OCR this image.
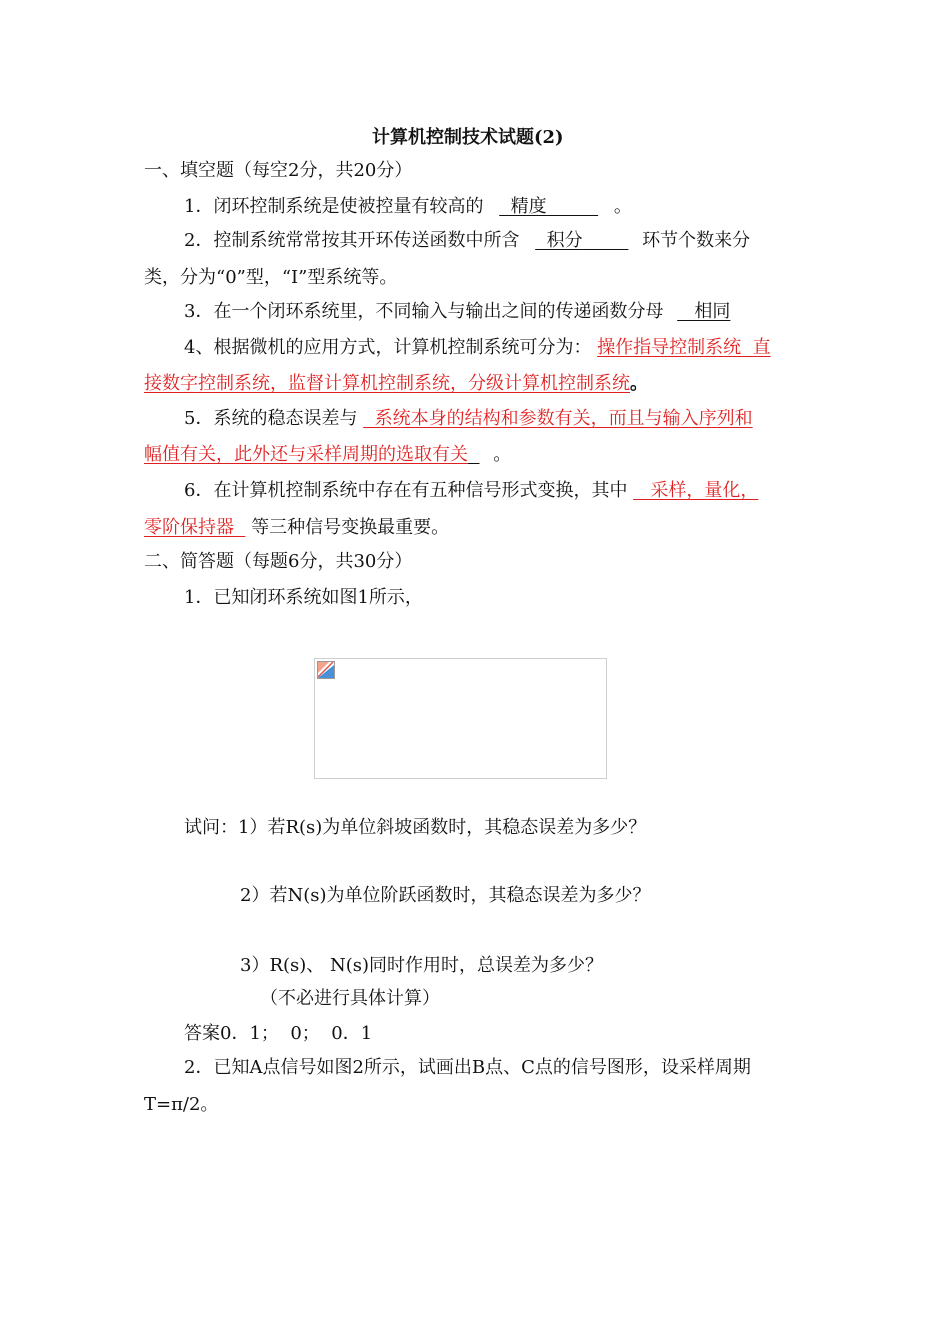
计算机控制技术试题(2)
一、填空题（每空2分，共20分）
1．闭环控制系统是使被控量有较高的   精度	。
2．控制系统常常按其开环传送函数中所含   积分	环节个数来分
类，分为“0”型，“I”型系统等。
3．在一个闭环系统里，不同输入与输出之间的传递函数分母    相同
4、根据微机的应用方式，计算机控制系统可分为： 操作指导控制系统  直
接数字控制系统，监督计算机控制系统，分级计算机控制系统。
5．系统的稳态误差与   系统本身的结构和参数有关，而且与输入序列和
幅值有关，此外还与采样周期的选取有关 。
6．在计算机控制系统中存在有五种信号形式变换，其中    采样，量化，
零阶保持器   等三种信号变换最重要。
二、简答题（每题6分，共30分）
1．已知闭环系统如图1所示，
试问：1）若R(s)为单位斜坡函数时，其稳态误差为多少？
2）若N(s)为单位阶跃函数时，其稳态误差为多少？
3）R(s)、 N(s)同时作用时，总误差为多少？
（不必进行具体计算）
答案0．1；  0；  0．1
2．已知A点信号如图2所示，试画出B点、C点的信号图形，设采样周期
T=π/2。
